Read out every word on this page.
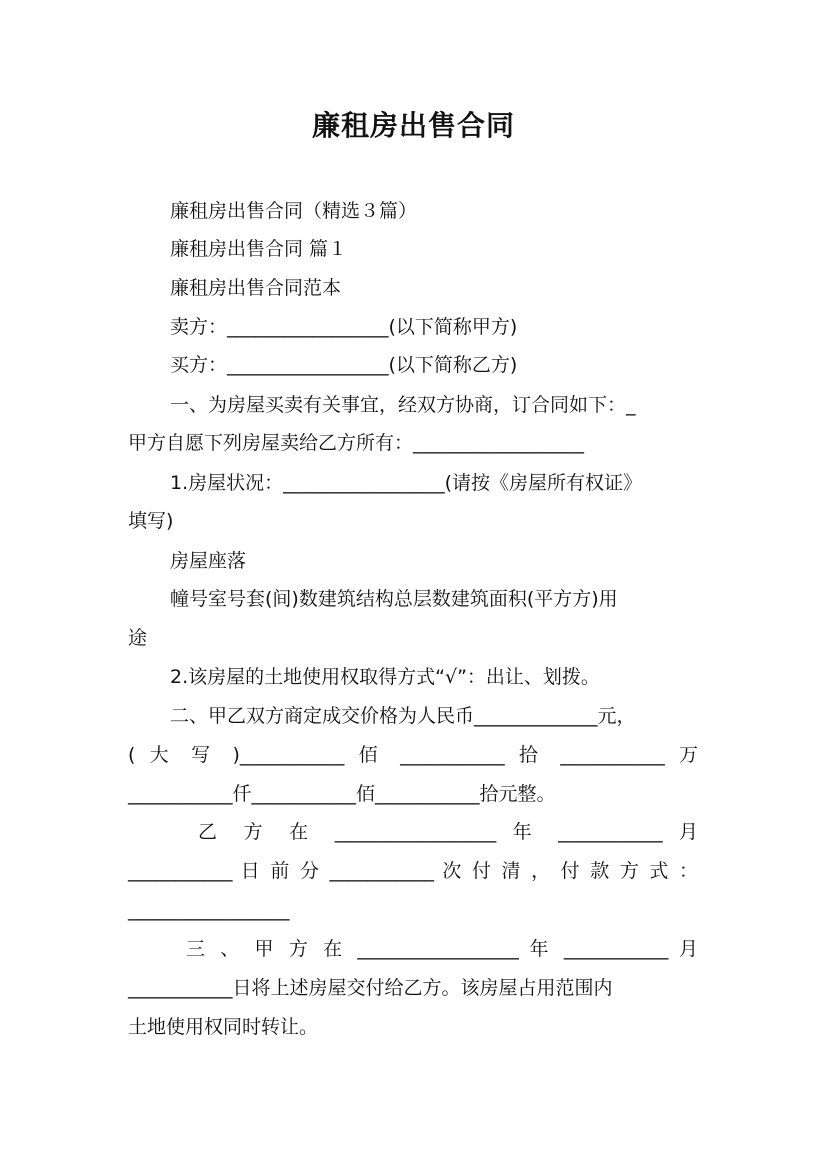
廉租房出售合同
廉租房出售合同（精选３篇）
廉租房出售合同 篇１
廉租房出售合同范本
卖方：_________________(以下简称甲方)
买方：_________________(以下简称乙方)
一、为房屋买卖有关事宜，经双方协商，订合同如下：_
甲方自愿下列房屋卖给乙方所有：__________________
1.房屋状况：_________________(请按《房屋所有权证》
填写)
房屋座落
幢号室号套(间)数建筑结构总层数建筑面积(平方方)用
途
2.该房屋的土地使用权取得方式“√”：出让、划拨。
二、甲乙双方商定成交价格为人民币_____________元，
( 大 写 )___________ 佰 ___________ 拾 ___________ 万
___________仟___________佰___________拾元整。
乙 方 在 _________________ 年 ___________ 月
___________ 日 前 分 ___________ 次 付 清 ， 付 款 方 式 ：
_________________
三 、 甲 方 在 _________________ 年 ___________ 月
___________日将上述房屋交付给乙方。该房屋占用范围内
土地使用权同时转让。
